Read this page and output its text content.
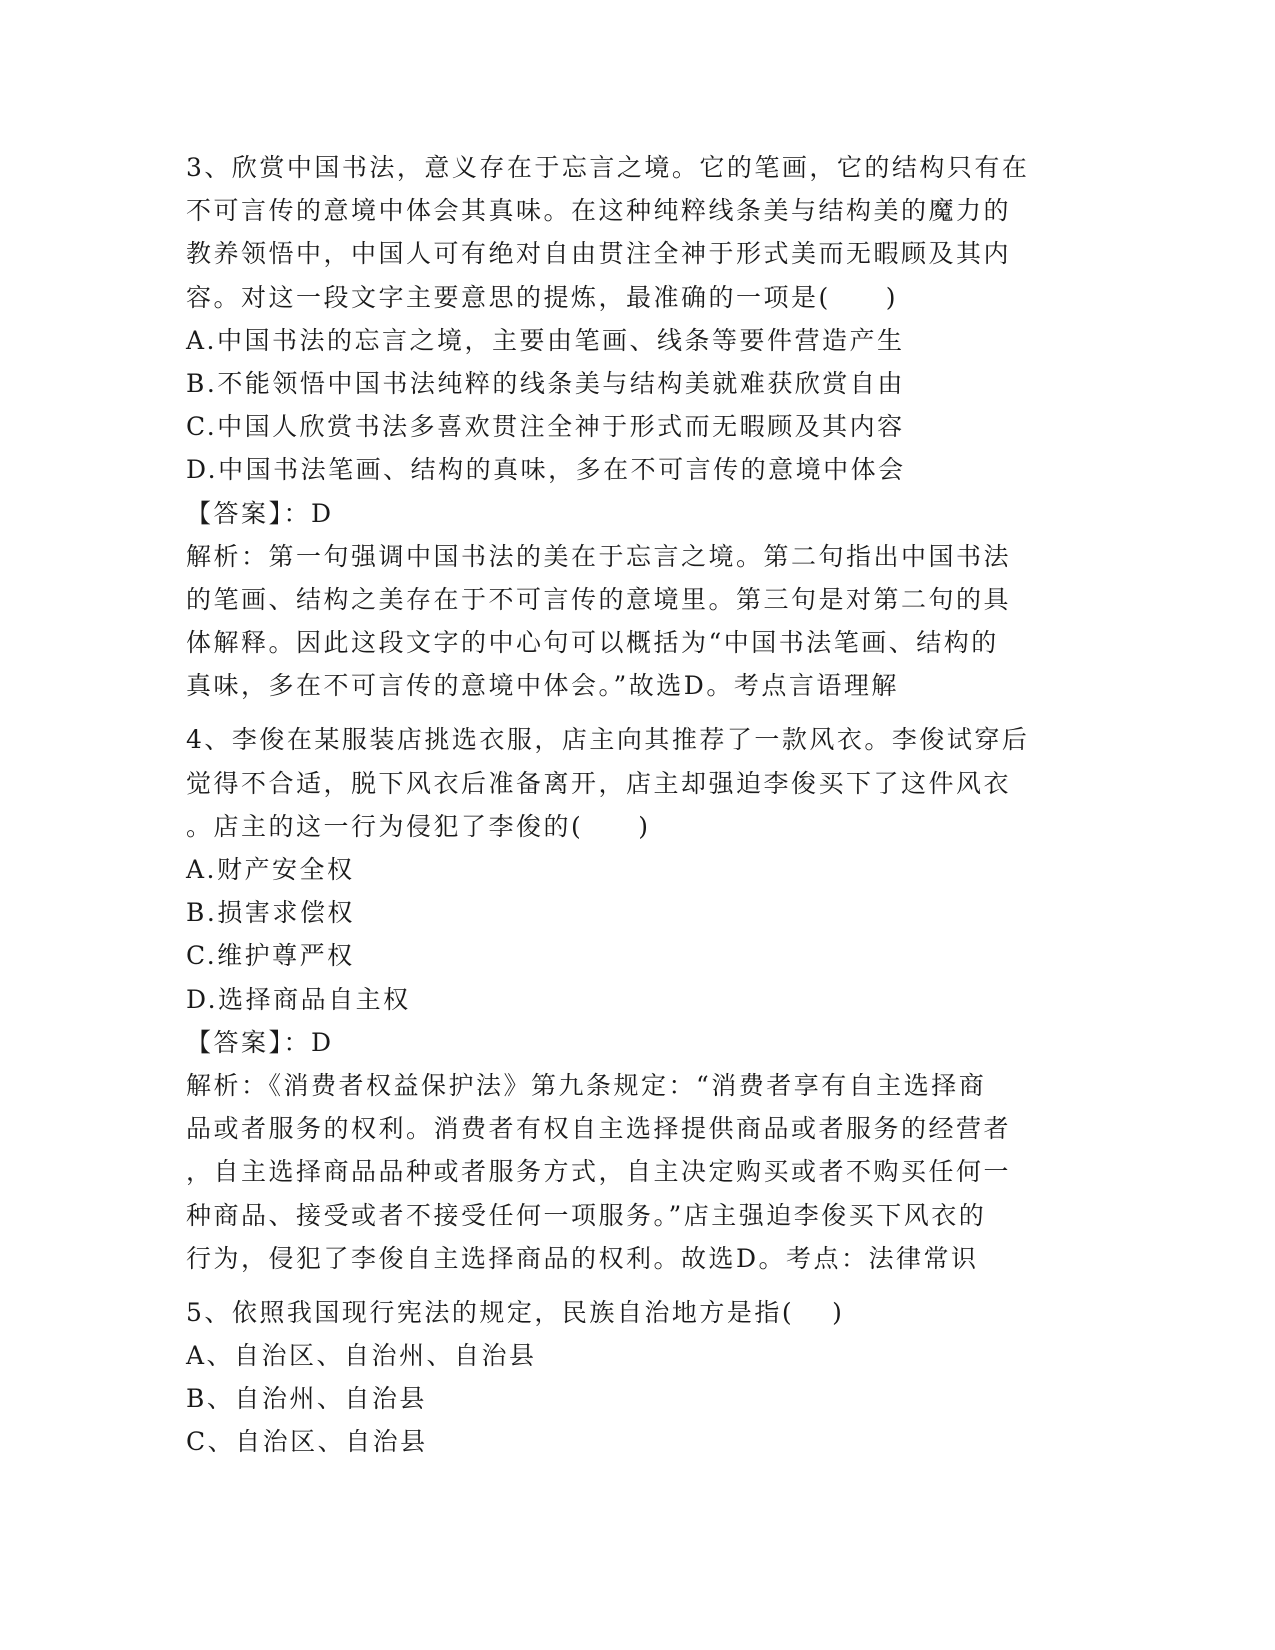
3、欣赏中国书法，意义存在于忘言之境。它的笔画，它的结构只有在
不可言传的意境中体会其真味。在这种纯粹线条美与结构美的魔力的
教养领悟中，中国人可有绝对自由贯注全神于形式美而无暇顾及其内
容。对这一段文字主要意思的提炼，最准确的一项是(　　)
A.中国书法的忘言之境，主要由笔画、线条等要件营造产生
B.不能领悟中国书法纯粹的线条美与结构美就难获欣赏自由
C.中国人欣赏书法多喜欢贯注全神于形式而无暇顾及其内容
D.中国书法笔画、结构的真味，多在不可言传的意境中体会
【答案】：D
解析：第一句强调中国书法的美在于忘言之境。第二句指出中国书法
的笔画、结构之美存在于不可言传的意境里。第三句是对第二句的具
体解释。因此这段文字的中心句可以概括为“中国书法笔画、结构的
真味，多在不可言传的意境中体会。”故选D。考点言语理解
4、李俊在某服装店挑选衣服，店主向其推荐了一款风衣。李俊试穿后
觉得不合适，脱下风衣后准备离开，店主却强迫李俊买下了这件风衣
。店主的这一行为侵犯了李俊的(　　)
A.财产安全权
B.损害求偿权
C.维护尊严权
D.选择商品自主权
【答案】：D
解析：《消费者权益保护法》第九条规定：“消费者享有自主选择商
品或者服务的权利。消费者有权自主选择提供商品或者服务的经营者
，自主选择商品品种或者服务方式，自主决定购买或者不购买任何一
种商品、接受或者不接受任何一项服务。”店主强迫李俊买下风衣的
行为，侵犯了李俊自主选择商品的权利。故选D。考点：法律常识
5、依照我国现行宪法的规定，民族自治地方是指(　 )
A、自治区、自治州、自治县
B、自治州、自治县
C、自治区、自治县
